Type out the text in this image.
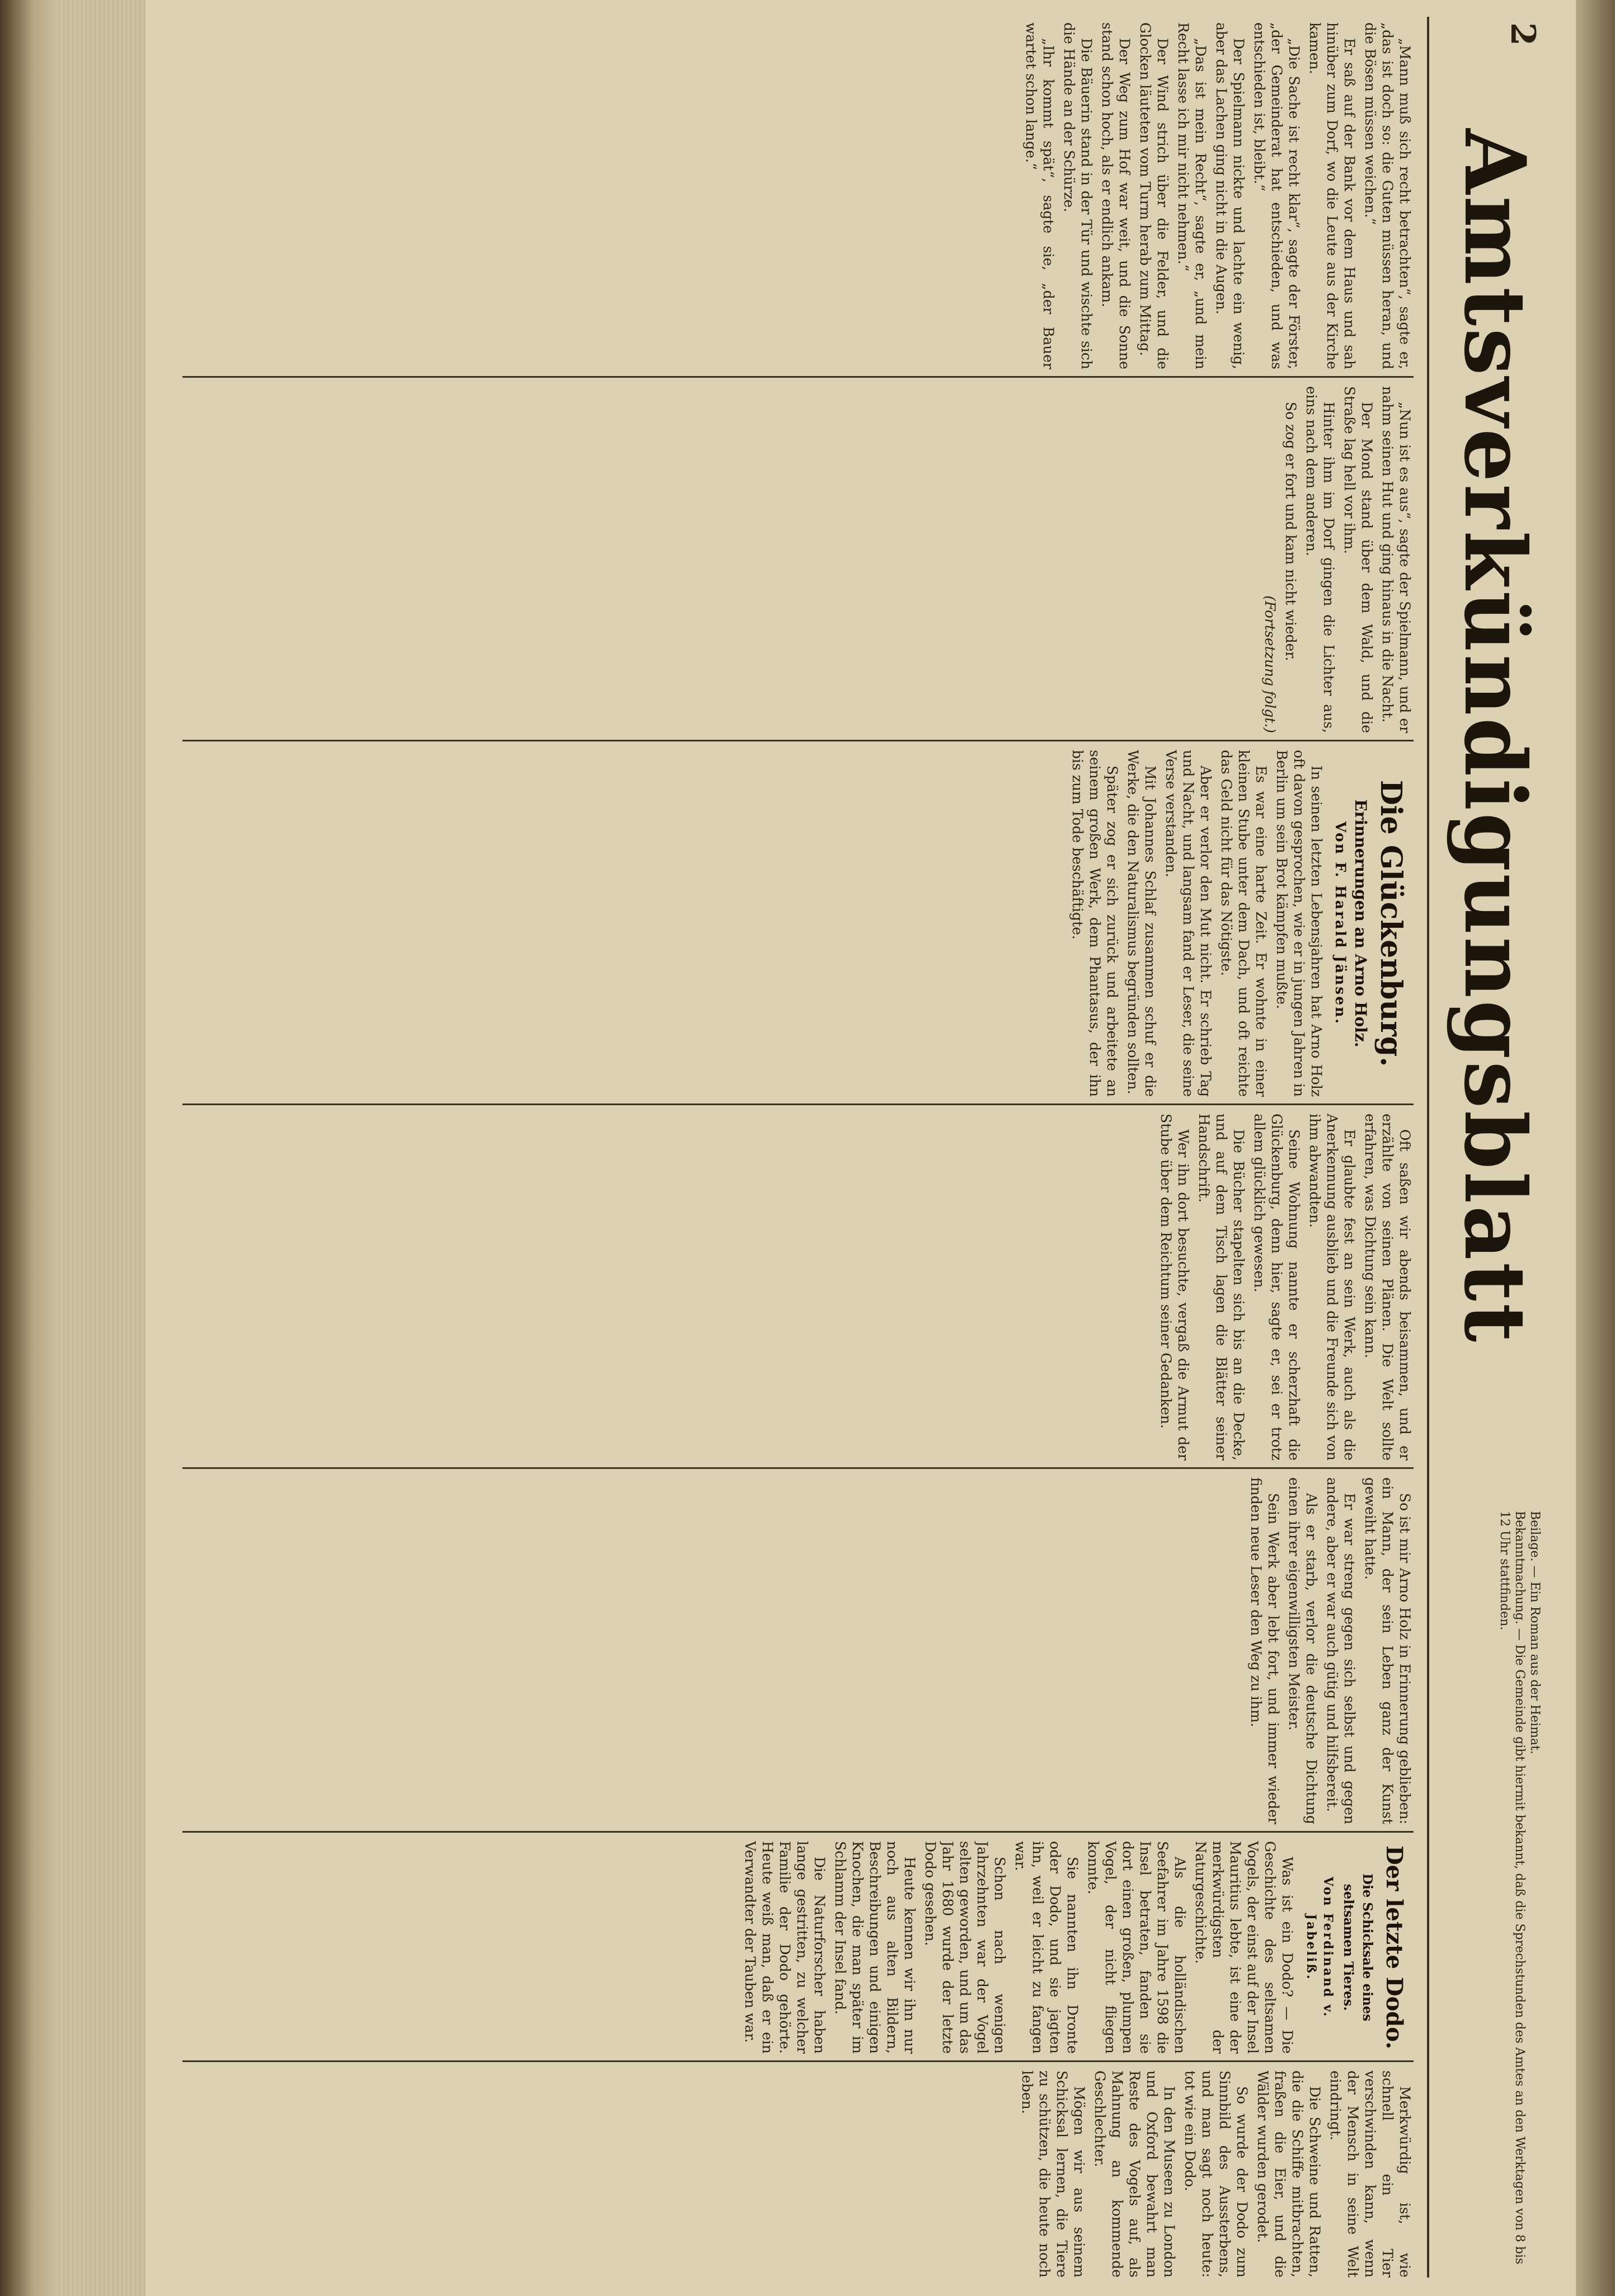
2
Amtsverkündigungsblatt
Beilage. — Ein Roman aus der Heimat.
Bekanntmachung. — Die Gemeinde gibt hiermit bekannt, daß die Sprechstunden des Amtes an den Werktagen von 8 bis 12 Uhr stattfinden.

„Mann muß sich recht betrachten“, sagte er, „das ist doch so: die Guten müssen heran, und die Bösen müssen weichen.“

Er saß auf der Bank vor dem Haus und sah hinüber zum Dorf, wo die Leute aus der Kirche kamen.

„Die Sache ist recht klar“, sagte der Förster, „der Gemeinderat hat entschieden, und was entschieden ist, bleibt.“

Der Spielmann nickte und lachte ein wenig, aber das Lachen ging nicht in die Augen.

„Das ist mein Recht“, sagte er, „und mein Recht lasse ich mir nicht nehmen.“

Der Wind strich über die Felder, und die Glocken läuteten vom Turm herab zum Mittag.

Der Weg zum Hof war weit, und die Sonne stand schon hoch, als er endlich ankam.

Die Bäuerin stand in der Tür und wischte sich die Hände an der Schürze.

„Ihr kommt spät“, sagte sie, „der Bauer wartet schon lange.“

„Nun ist es aus“, sagte der Spielmann, und er nahm seinen Hut und ging hinaus in die Nacht.

Der Mond stand über dem Wald, und die Straße lag hell vor ihm.

Hinter ihm im Dorf gingen die Lichter aus, eins nach dem anderen.

So zog er fort und kam nicht wieder.

(Fortsetzung folgt.)
Die Glückenburg.
Erinnerungen an Arno Holz.
Von F. Harald Jänsen.

In seinen letzten Lebensjahren hat Arno Holz oft davon gesprochen, wie er in jungen Jahren in Berlin um sein Brot kämpfen mußte.

Es war eine harte Zeit. Er wohnte in einer kleinen Stube unter dem Dach, und oft reichte das Geld nicht für das Nötigste.

Aber er verlor den Mut nicht. Er schrieb Tag und Nacht, und langsam fand er Leser, die seine Verse verstanden.

Mit Johannes Schlaf zusammen schuf er die Werke, die den Naturalismus begründen sollten.

Später zog er sich zurück und arbeitete an seinem großen Werk, dem Phantasus, der ihn bis zum Tode beschäftigte.

Oft saßen wir abends beisammen, und er erzählte von seinen Plänen. Die Welt sollte erfahren, was Dichtung sein kann.

Er glaubte fest an sein Werk, auch als die Anerkennung ausblieb und die Freunde sich von ihm abwandten.

Seine Wohnung nannte er scherzhaft die Glückenburg, denn hier, sagte er, sei er trotz allem glücklich gewesen.

Die Bücher stapelten sich bis an die Decke, und auf dem Tisch lagen die Blätter seiner Handschrift.

Wer ihn dort besuchte, vergaß die Armut der Stube über dem Reichtum seiner Gedanken.

So ist mir Arno Holz in Erinnerung geblieben: ein Mann, der sein Leben ganz der Kunst geweiht hatte.

Er war streng gegen sich selbst und gegen andere, aber er war auch gütig und hilfsbereit.

Als er starb, verlor die deutsche Dichtung einen ihrer eigenwilligsten Meister.

Sein Werk aber lebt fort, und immer wieder finden neue Leser den Weg zu ihm.

Der letzte Dodo.
Die Schicksale eines seltsamen Tieres.
Von Ferdinand v. Jabeliß.

Was ist ein Dodo? — Die Geschichte des seltsamen Vogels, der einst auf der Insel Mauritius lebte, ist eine der merkwürdigsten der Naturgeschichte.

Als die holländischen Seefahrer im Jahre 1598 die Insel betraten, fanden sie dort einen großen, plumpen Vogel, der nicht fliegen konnte.

Sie nannten ihn Dronte oder Dodo, und sie jagten ihn, weil er leicht zu fangen war.

Schon nach wenigen Jahrzehnten war der Vogel selten geworden, und um das Jahr 1680 wurde der letzte Dodo gesehen.

Heute kennen wir ihn nur noch aus alten Bildern, Beschreibungen und einigen Knochen, die man später im Schlamm der Insel fand.

Die Naturforscher haben lange gestritten, zu welcher Familie der Dodo gehörte. Heute weiß man, daß er ein Verwandter der Tauben war.

Merkwürdig ist, wie schnell ein Tier verschwinden kann, wenn der Mensch in seine Welt eindringt.

Die Schweine und Ratten, die die Schiffe mitbrachten, fraßen die Eier, und die Wälder wurden gerodet.

So wurde der Dodo zum Sinnbild des Aussterbens, und man sagt noch heute: tot wie ein Dodo.

In den Museen zu London und Oxford bewahrt man Reste des Vogels auf, als Mahnung an kommende Geschlechter.

Mögen wir aus seinem Schicksal lernen, die Tiere zu schützen, die heute noch leben.
